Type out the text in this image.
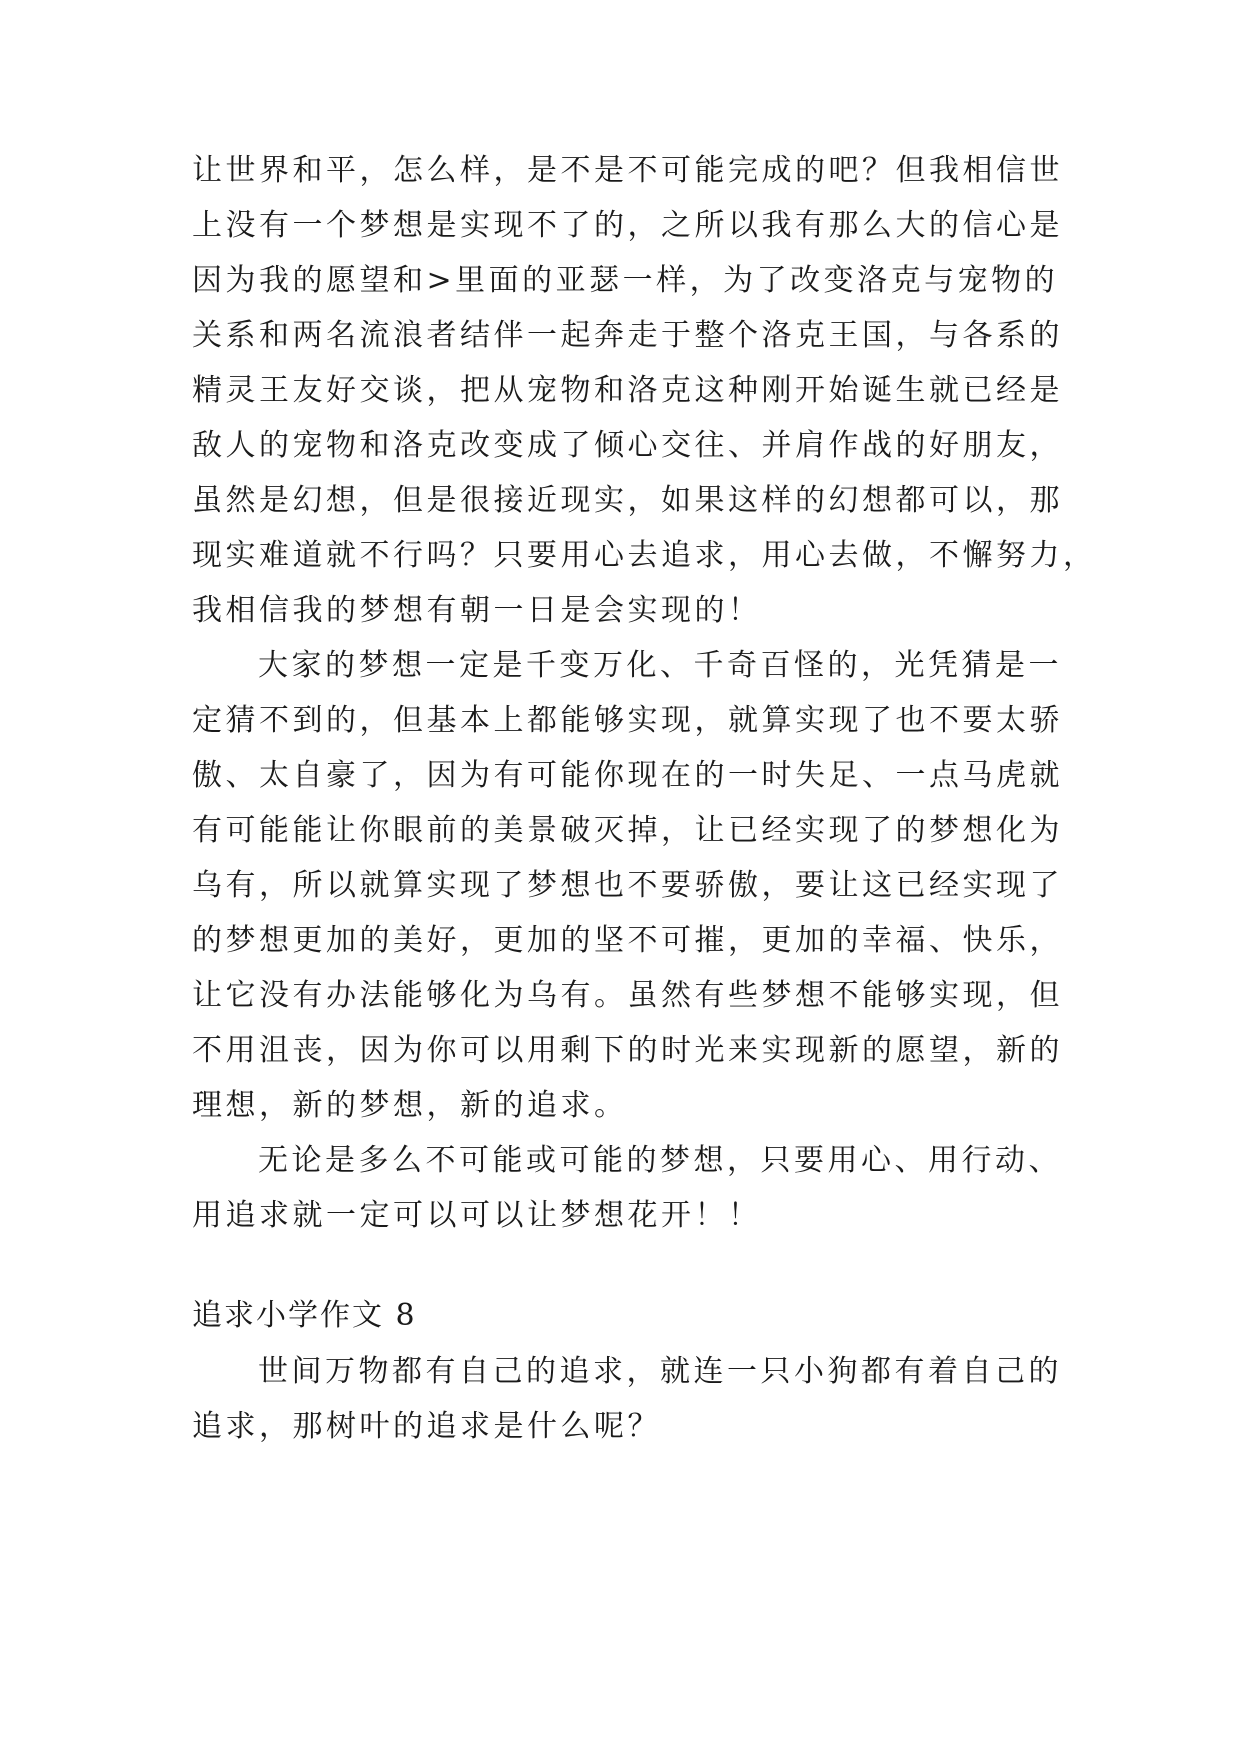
让世界和平，怎么样，是不是不可能完成的吧？但我相信世
上没有一个梦想是实现不了的，之所以我有那么大的信心是
因为我的愿望和>里面的亚瑟一样，为了改变洛克与宠物的
关系和两名流浪者结伴一起奔走于整个洛克王国，与各系的
精灵王友好交谈，把从宠物和洛克这种刚开始诞生就已经是
敌人的宠物和洛克改变成了倾心交往、并肩作战的好朋友，
虽然是幻想，但是很接近现实，如果这样的幻想都可以，那
现实难道就不行吗？只要用心去追求，用心去做，不懈努力，
我相信我的梦想有朝一日是会实现的！
大家的梦想一定是千变万化、千奇百怪的，光凭猜是一
定猜不到的，但基本上都能够实现，就算实现了也不要太骄
傲、太自豪了，因为有可能你现在的一时失足、一点马虎就
有可能能让你眼前的美景破灭掉，让已经实现了的梦想化为
乌有，所以就算实现了梦想也不要骄傲，要让这已经实现了
的梦想更加的美好，更加的坚不可摧，更加的幸福、快乐，
让它没有办法能够化为乌有。虽然有些梦想不能够实现，但
不用沮丧，因为你可以用剩下的时光来实现新的愿望，新的
理想，新的梦想，新的追求。
无论是多么不可能或可能的梦想，只要用心、用行动、
用追求就一定可以可以让梦想花开！！
追求小学作文 8
世间万物都有自己的追求，就连一只小狗都有着自己的
追求，那树叶的追求是什么呢？
